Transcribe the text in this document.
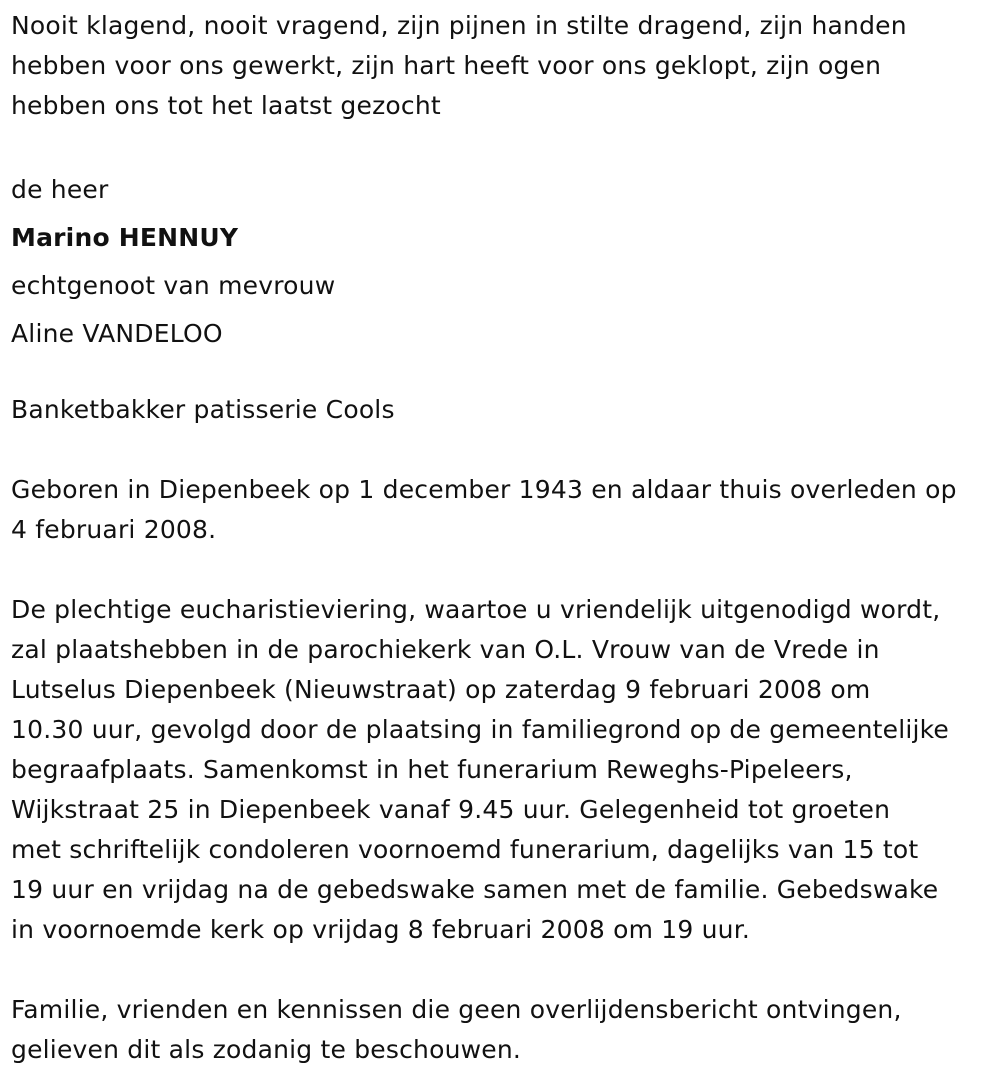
Nooit klagend, nooit vragend, zijn pijnen in stilte dragend, zijn handen
hebben voor ons gewerkt, zijn hart heeft voor ons geklopt, zijn ogen
hebben ons tot het laatst gezocht
de heer
Marino HENNUY
echtgenoot van mevrouw
Aline VANDELOO
Banketbakker patisserie Cools
Geboren in Diepenbeek op 1 december 1943 en aldaar thuis overleden op
4 februari 2008.
De plechtige eucharistieviering, waartoe u vriendelijk uitgenodigd wordt,
zal plaatshebben in de parochiekerk van O.L. Vrouw van de Vrede in
Lutselus Diepenbeek (Nieuwstraat) op zaterdag 9 februari 2008 om
10.30 uur, gevolgd door de plaatsing in familiegrond op de gemeentelijke
begraafplaats. Samenkomst in het funerarium Reweghs-Pipeleers,
Wijkstraat 25 in Diepenbeek vanaf 9.45 uur. Gelegenheid tot groeten
met schriftelijk condoleren voornoemd funerarium, dagelijks van 15 tot
19 uur en vrijdag na de gebedswake samen met de familie. Gebedswake
in voornoemde kerk op vrijdag 8 februari 2008 om 19 uur.
Familie, vrienden en kennissen die geen overlijdensbericht ontvingen,
gelieven dit als zodanig te beschouwen.
